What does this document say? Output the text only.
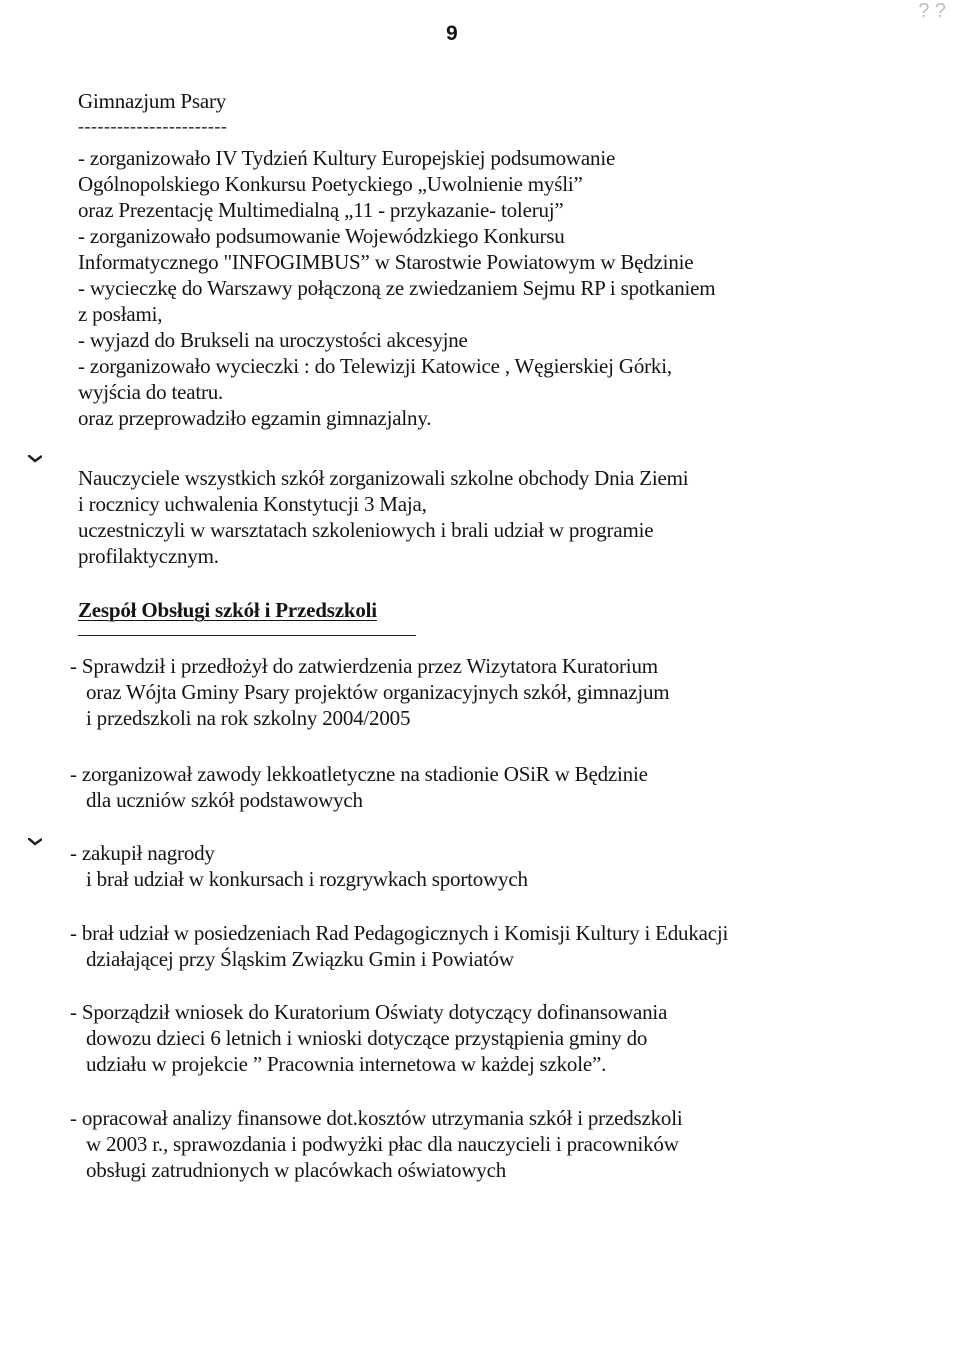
9
? ?
Gimnazjum Psary
-----------------------
- zorganizowało IV Tydzień Kultury Europejskiej podsumowanie
Ogólnopolskiego Konkursu Poetyckiego „Uwolnienie myśli”
oraz Prezentację Multimedialną „11 - przykazanie- toleruj”
- zorganizowało podsumowanie Wojewódzkiego Konkursu
Informatycznego "INFOGIMBUS” w Starostwie Powiatowym w Będzinie
- wycieczkę do Warszawy połączoną ze zwiedzaniem Sejmu RP i spotkaniem
z posłami,
- wyjazd do Brukseli na uroczystości akcesyjne
- zorganizowało wycieczki : do Telewizji Katowice , Węgierskiej Górki,
wyjścia do teatru.
oraz przeprowadziło egzamin gimnazjalny.
Nauczyciele wszystkich szkół zorganizowali szkolne obchody Dnia Ziemi
i rocznicy uchwalenia Konstytucji 3 Maja,
uczestniczyli w warsztatach szkoleniowych i brali udział w programie
profilaktycznym.
Zespół Obsługi szkół i Przedszkoli
- Sprawdził i przedłożył do zatwierdzenia przez Wizytatora Kuratorium
oraz Wójta Gminy Psary projektów organizacyjnych szkół, gimnazjum
i przedszkoli na rok szkolny 2004/2005
- zorganizował zawody lekkoatletyczne na stadionie OSiR w Będzinie
dla uczniów szkół podstawowych
- zakupił nagrody
i brał udział w konkursach i rozgrywkach sportowych
- brał udział w posiedzeniach Rad Pedagogicznych i Komisji Kultury i Edukacji
działającej przy Śląskim Związku Gmin i Powiatów
- Sporządził wniosek do Kuratorium Oświaty dotyczący dofinansowania
dowozu dzieci 6 letnich i wnioski dotyczące przystąpienia gminy do
udziału w projekcie ” Pracownia internetowa w każdej szkole”.
- opracował analizy finansowe dot.kosztów utrzymania szkół i przedszkoli
w 2003 r., sprawozdania i podwyżki płac dla nauczycieli i pracowników
obsługi zatrudnionych w placówkach oświatowych
